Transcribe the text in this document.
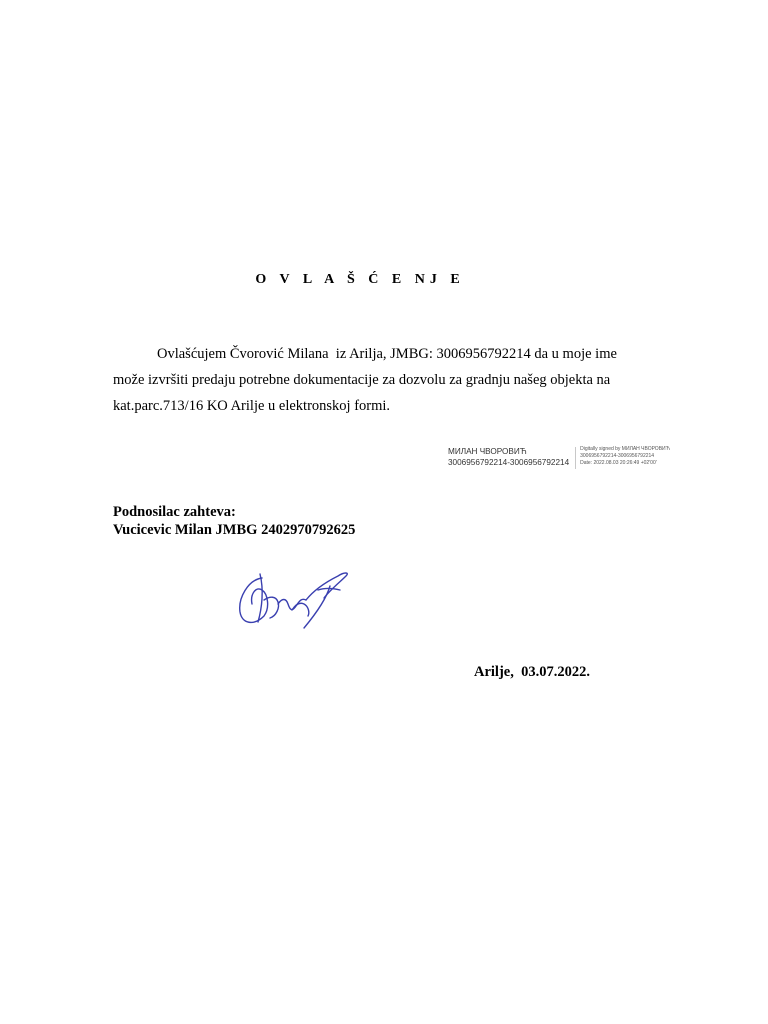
O V L A Š Ć E NJ E

Ovlašćujem Čvorović Milana  iz Arilja, JMBG: 3006956792214 da u moje ime

može izvršiti predaju potrebne dokumentacije za dozvolu za gradnju našeg objekta na

kat.parc.713/16 KO Arilje u elektronskoj formi.

МИЛАН ЧВОРОВИЋ
3006956792214-3006956792214
Digitally signed by МИЛАН ЧВОРОВИЋ
3006956792214-3006956792214
Date: 2022.08.03 20:26:49 +02'00'
Podnosilac zahteva:
Vucicevic Milan JMBG 2402970792625
Arilje,  03.07.2022.
